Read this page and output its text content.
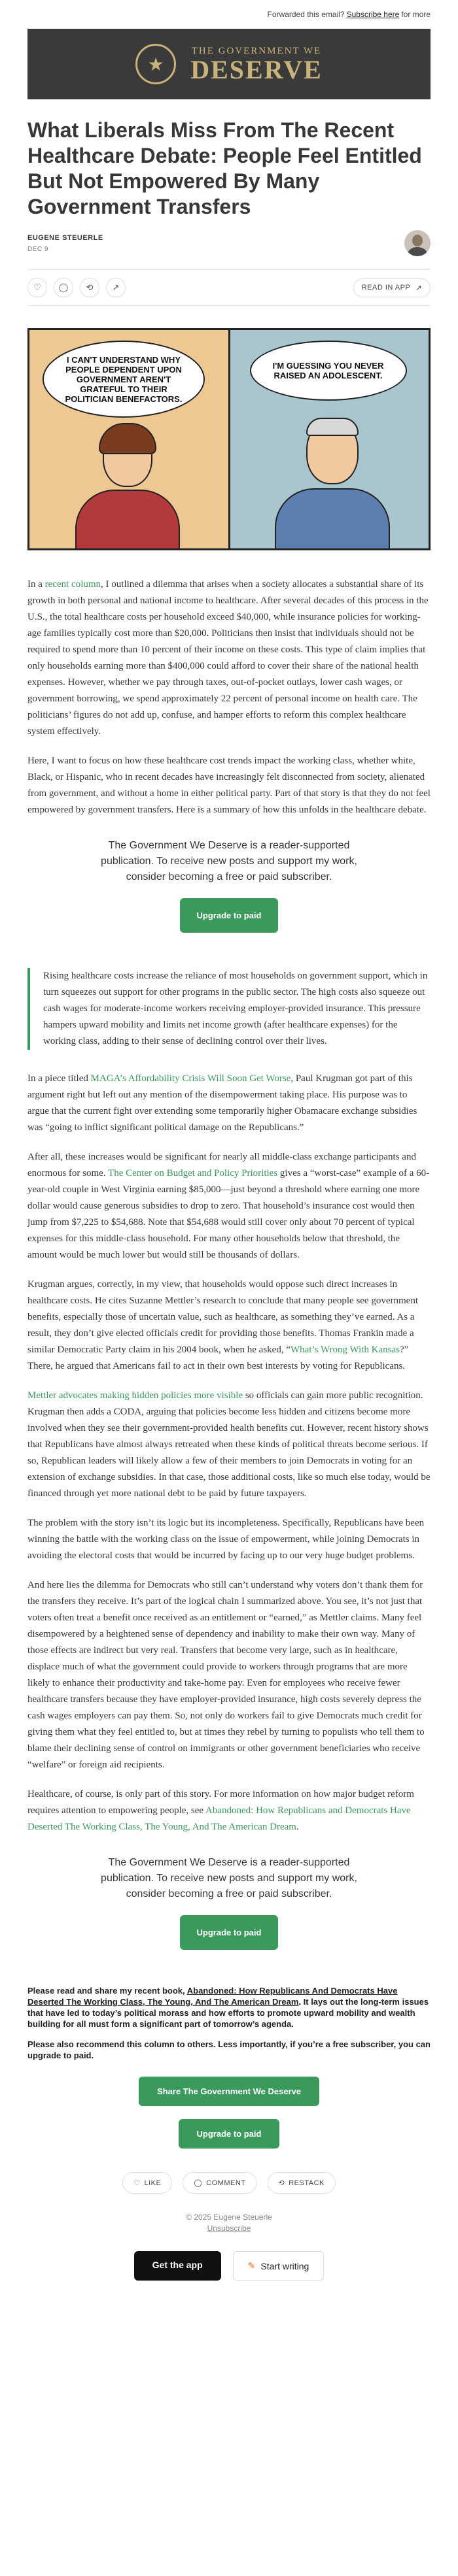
Forwarded this email? Subscribe here for more
★
THE GOVERNMENT WE
DESERVE
What Liberals Miss From The Recent Healthcare Debate: People Feel Entitled But Not Empowered By Many Government Transfers
EUGENE STEUERLE
DEC 9
♡ ◯ ⟲ ↗	READ IN APP ↗
I CAN'T UNDERSTAND WHY PEOPLE DEPENDENT UPON GOVERNMENT AREN'T GRATEFUL TO THEIR POLITICIAN BENEFACTORS.
I'M GUESSING YOU NEVER RAISED AN ADOLESCENT.

In a recent column, I outlined a dilemma that arises when a society allocates a substantial share of its growth in both personal and national income to healthcare. After several decades of this process in the U.S., the total healthcare costs per household exceed $40,000, while insurance policies for working-age families typically cost more than $20,000. Politicians then insist that individuals should not be required to spend more than 10 percent of their income on these costs. This type of claim implies that only households earning more than $400,000 could afford to cover their share of the national health expenses. However, whether we pay through taxes, out-of-pocket outlays, lower cash wages, or government borrowing, we spend approximately 22 percent of personal income on health care. The politicians’ figures do not add up, confuse, and hamper efforts to reform this complex healthcare system effectively.

Here, I want to focus on how these healthcare cost trends impact the working class, whether white, Black, or Hispanic, who in recent decades have increasingly felt disconnected from society, alienated from government, and without a home in either political party. Part of that story is that they do not feel empowered by government transfers. Here is a summary of how this unfolds in the healthcare debate.

The Government We Deserve is a reader-supported publication. To receive new posts and support my work, consider becoming a free or paid subscriber.
Upgrade to paid

Rising healthcare costs increase the reliance of most households on government support, which in turn squeezes out support for other programs in the public sector. The high costs also squeeze out cash wages for moderate-income workers receiving employer-provided insurance. This pressure hampers upward mobility and limits net income growth (after healthcare expenses) for the working class, adding to their sense of declining control over their lives.

In a piece titled MAGA’s Affordability Crisis Will Soon Get Worse, Paul Krugman got part of this argument right but left out any mention of the disempowerment taking place. His purpose was to argue that the current fight over extending some temporarily higher Obamacare exchange subsidies was “going to inflict significant political damage on the Republicans.”

After all, these increases would be significant for nearly all middle-class exchange participants and enormous for some. The Center on Budget and Policy Priorities gives a “worst-case” example of a 60-year-old couple in West Virginia earning $85,000—just beyond a threshold where earning one more dollar would cause generous subsidies to drop to zero. That household’s insurance cost would then jump from $7,225 to $54,688. Note that $54,688 would still cover only about 70 percent of typical expenses for this middle-class household. For many other households below that threshold, the amount would be much lower but would still be thousands of dollars.

Krugman argues, correctly, in my view, that households would oppose such direct increases in healthcare costs. He cites Suzanne Mettler’s research to conclude that many people see government benefits, especially those of uncertain value, such as healthcare, as something they’ve earned. As a result, they don’t give elected officials credit for providing those benefits. Thomas Frankin made a similar Democratic Party claim in his 2004 book, when he asked, “What’s Wrong With Kansas?” There, he argued that Americans fail to act in their own best interests by voting for Republicans.

Mettler advocates making hidden policies more visible so officials can gain more public recognition. Krugman then adds a CODA, arguing that policies become less hidden and citizens become more involved when they see their government-provided health benefits cut. However, recent history shows that Republicans have almost always retreated when these kinds of political threats become serious. If so, Republican leaders will likely allow a few of their members to join Democrats in voting for an extension of exchange subsidies. In that case, those additional costs, like so much else today, would be financed through yet more national debt to be paid by future taxpayers.

The problem with the story isn’t its logic but its incompleteness. Specifically, Republicans have been winning the battle with the working class on the issue of empowerment, while joining Democrats in avoiding the electoral costs that would be incurred by facing up to our very huge budget problems.

And here lies the dilemma for Democrats who still can’t understand why voters don’t thank them for the transfers they receive. It’s part of the logical chain I summarized above. You see, it’s not just that voters often treat a benefit once received as an entitlement or “earned,” as Mettler claims. Many feel disempowered by a heightened sense of dependency and inability to make their own way. Many of those effects are indirect but very real. Transfers that become very large, such as in healthcare, displace much of what the government could provide to workers through programs that are more likely to enhance their productivity and take-home pay. Even for employees who receive fewer healthcare transfers because they have employer-provided insurance, high costs severely depress the cash wages employers can pay them. So, not only do workers fail to give Democrats much credit for giving them what they feel entitled to, but at times they rebel by turning to populists who tell them to blame their declining sense of control on immigrants or other government beneficiaries who receive “welfare” or foreign aid recipients.

Healthcare, of course, is only part of this story. For more information on how major budget reform requires attention to empowering people, see Abandoned: How Republicans and Democrats Have Deserted The Working Class, The Young, And The American Dream.

The Government We Deserve is a reader-supported publication. To receive new posts and support my work, consider becoming a free or paid subscriber.
Upgrade to paid

Please read and share my recent book, Abandoned: How Republicans And Democrats Have Deserted The Working Class, The Young, And The American Dream. It lays out the long-term issues that have led to today’s political morass and how efforts to promote upward mobility and wealth building for all must form a significant part of tomorrow’s agenda.

Please also recommend this column to others. Less importantly, if you’re a free subscriber, you can upgrade to paid.

Share The Government We Deserve
Upgrade to paid
♡ LIKE	◯ COMMENT	⟲ RESTACK
© 2025 Eugene Steuerle
Unsubscribe
Get the app	✎ Start writing
